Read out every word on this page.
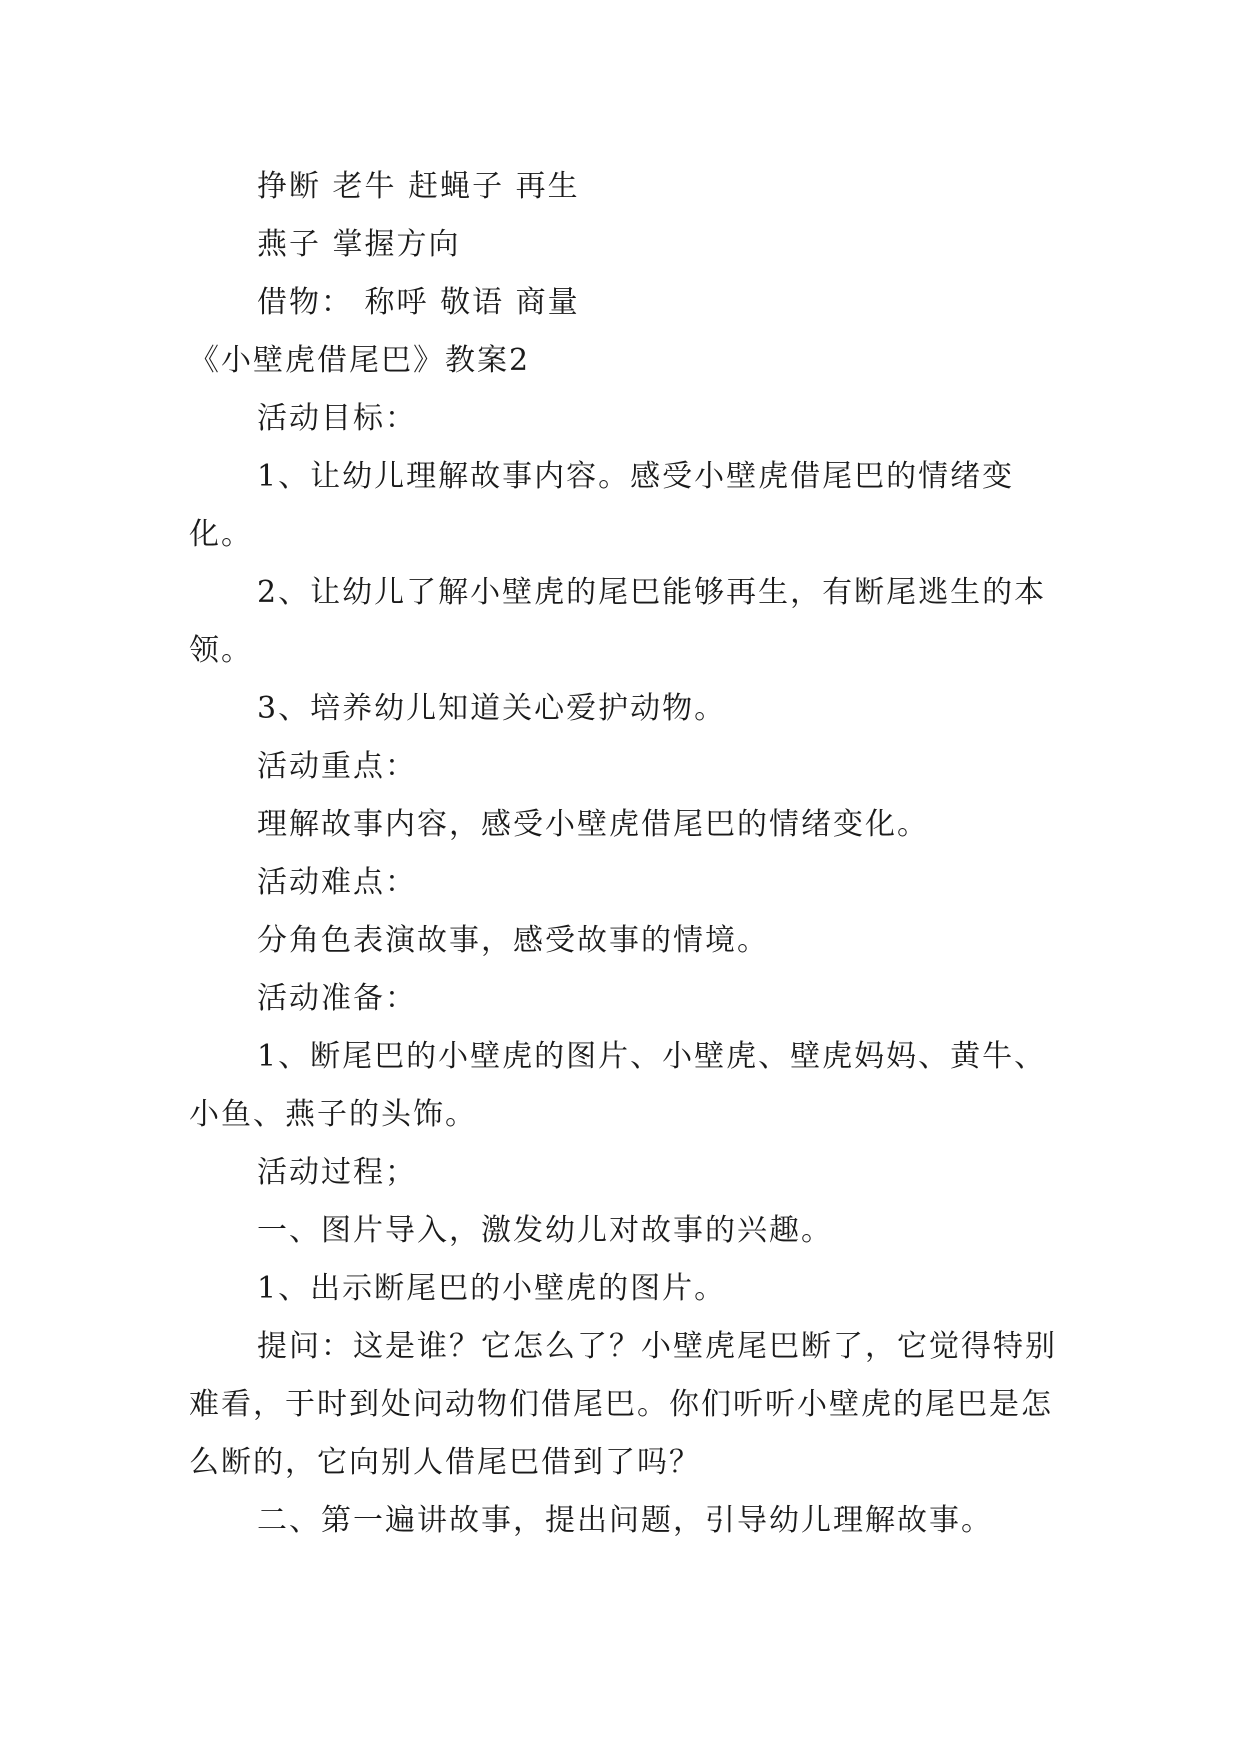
挣断 老牛 赶蝇子 再生
燕子 掌握方向
借物： 称呼 敬语 商量
《小壁虎借尾巴》教案2
活动目标：

1、让幼儿理解故事内容。感受小壁虎借尾巴的情绪变化。

2、让幼儿了解小壁虎的尾巴能够再生，有断尾逃生的本领。

3、培养幼儿知道关心爱护动物。
活动重点：
理解故事内容，感受小壁虎借尾巴的情绪变化。
活动难点：
分角色表演故事，感受故事的情境。
活动准备：

1、断尾巴的小壁虎的图片、小壁虎、壁虎妈妈、黄牛、小鱼、燕子的头饰。

活动过程；
一、图片导入，激发幼儿对故事的兴趣。
1、出示断尾巴的小壁虎的图片。

提问：这是谁？它怎么了？小壁虎尾巴断了，它觉得特别难看，于时到处问动物们借尾巴。你们听听小壁虎的尾巴是怎么断的，它向别人借尾巴借到了吗？

二、第一遍讲故事，提出问题，引导幼儿理解故事。
